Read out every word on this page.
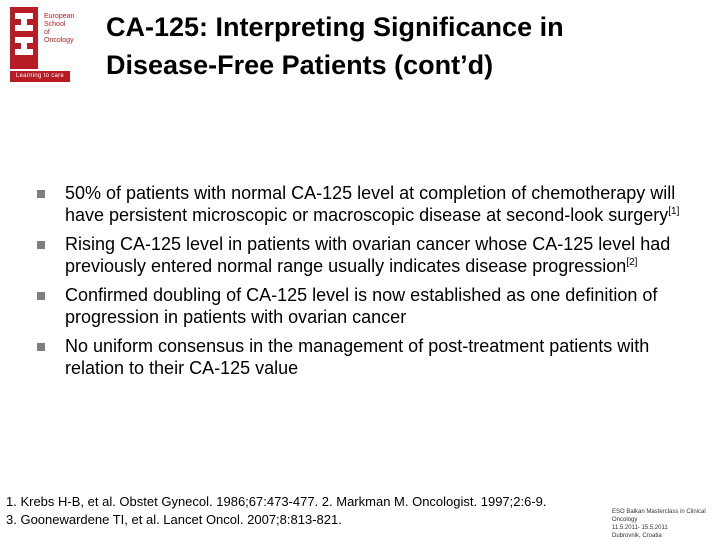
European
School
of
Oncology
Learning to care
CA-125: Interpreting Significance in
Disease-Free Patients (cont’d)
50% of patients with normal CA-125 level at completion of chemotherapy will have persistent microscopic or macroscopic disease at second-look surgery[1]
Rising CA-125 level in patients with ovarian cancer whose CA-125 level had previously entered normal range usually indicates disease progression[2]
Confirmed doubling of CA-125 level is now established as one definition of progression in patients with ovarian cancer
No uniform consensus in the management of post-treatment patients with relation to their CA-125 value
1. Krebs H-B, et al. Obstet Gynecol. 1986;67:473-477. 2. Markman M. Oncologist. 1997;2:6-9.
3. Goonewardene TI, et al. Lancet Oncol. 2007;8:813-821.	ESO Balkan Masterclass in Clinical Oncology
11.5.2011- 15.5.2011
Dubrovnik, Croatia
